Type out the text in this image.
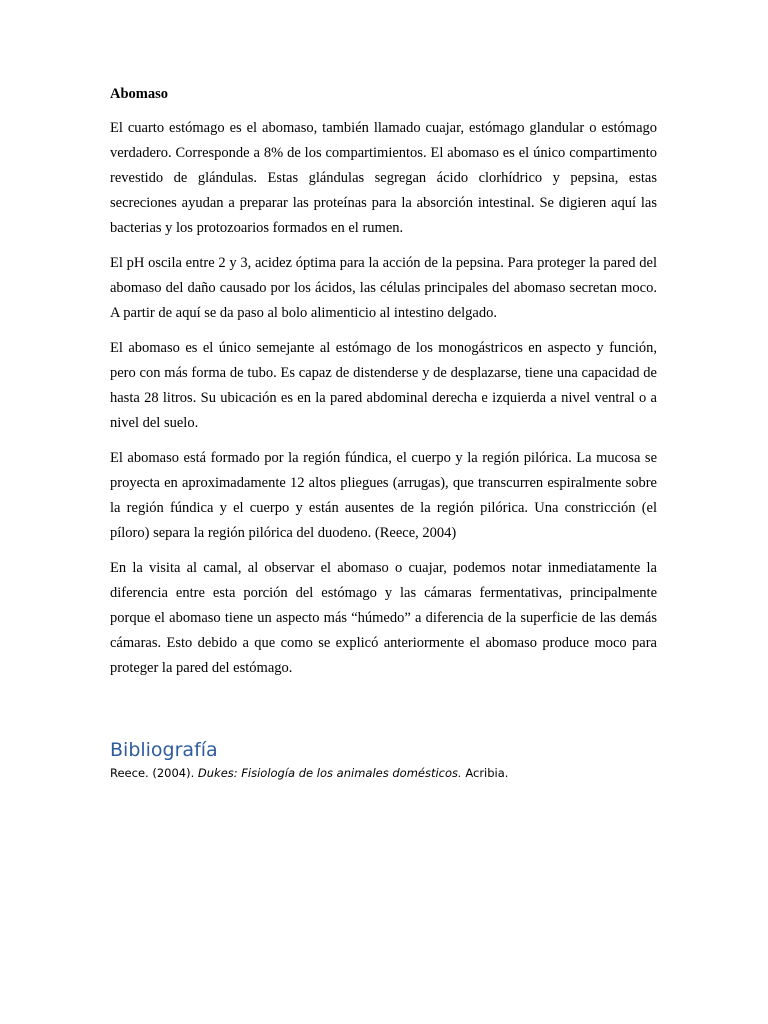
Abomaso

El cuarto estómago es el abomaso, también llamado cuajar, estómago glandular o estómago verdadero. Corresponde a 8% de los compartimientos. El abomaso es el único compartimento revestido de glándulas. Estas glándulas segregan ácido clorhídrico y pepsina, estas secreciones ayudan a preparar las proteínas para la absorción intestinal. Se digieren aquí las bacterias y los protozoarios formados en el rumen.

El pH oscila entre 2 y 3, acidez óptima para la acción de la pepsina. Para proteger la pared del abomaso del daño causado por los ácidos, las células principales del abomaso secretan moco. A partir de aquí se da paso al bolo alimenticio al intestino delgado.

El abomaso es el único semejante al estómago de los monogástricos en aspecto y función, pero con más forma de tubo. Es capaz de distenderse y de desplazarse, tiene una capacidad de hasta 28 litros. Su ubicación es en la pared abdominal derecha e izquierda a nivel ventral o a nivel del suelo.

El abomaso está formado por la región fúndica, el cuerpo y la región pilórica. La mucosa se proyecta en aproximadamente 12 altos pliegues (arrugas), que transcurren espiralmente sobre la región fúndica y el cuerpo y están ausentes de la región pilórica. Una constricción (el píloro) separa la región pilórica del duodeno. (Reece, 2004)

En la visita al camal, al observar el abomaso o cuajar, podemos notar inmediatamente la diferencia entre esta porción del estómago y las cámaras fermentativas, principalmente porque el abomaso tiene un aspecto más “húmedo” a diferencia de la superficie de las demás cámaras. Esto debido a que como se explicó anteriormente el abomaso produce moco para proteger la pared del estómago.

Bibliografía

Reece. (2004). Dukes: Fisiología de los animales domésticos. Acribia.
